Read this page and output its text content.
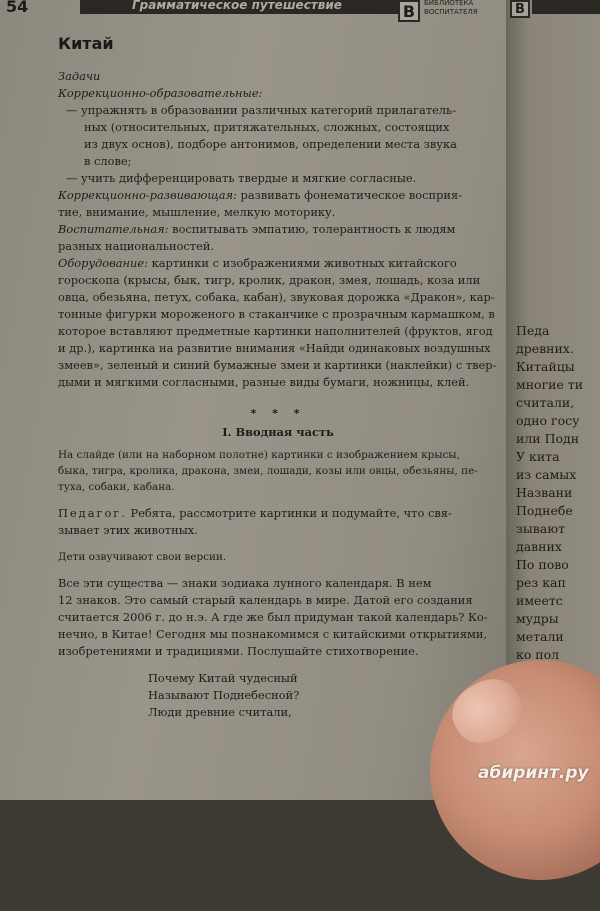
54	Грамматическое путешествие	В	БИБЛИОТЕКА
ВОСПИТАТЕЛЯ
Китай

Задачи

Коррекционно-образовательные:

— упражнять в образовании различных категорий прилагатель-
ных (относительных, притяжательных, сложных, состоящих
из двух основ), подборе антонимов, определении места звука
в слове;

— учить дифференцировать твердые и мягкие согласные.

Коррекционно-развивающая: развивать фонематическое восприя-
тие, внимание, мышление, мелкую моторику.

Воспитательная: воспитывать эмпатию, толерантность к людям
разных национальностей.

Оборудование: картинки с изображениями животных китайского
гороскопа (крысы, бык, тигр, кролик, дракон, змея, лошадь, коза или
овца, обезьяна, петух, собака, кабан), звуковая дорожка «Дракон», кар-
тонные фигурки мороженого в стаканчике с прозрачным кармашком, в
которое вставляют предметные картинки наполнителей (фруктов, ягод
и др.), картинка на развитие внимания «Найди одинаковых воздушных
змеев», зеленый и синий бумажные змеи и картинки (наклейки) с твер-
дыми и мягкими согласными, разные виды бумаги, ножницы, клей.

* * *
I. Вводная часть

На слайде (или на наборном полотне) картинки с изображением крысы,
быка, тигра, кролика, дракона, змеи, лошади, козы или овцы, обезьяны, пе-
туха, собаки, кабана.

Педагог. Ребята, рассмотрите картинки и подумайте, что свя-
зывает этих животных.

Дети озвучивают свои версии.

Все эти существа — знаки зодиака лунного календаря. В нем
12 знаков. Это самый старый календарь в мире. Датой его создания
считается 2006 г. до н.э. А где же был придуман такой календарь? Ко-
нечно, в Китае! Сегодня мы познакомимся с китайскими открытиями,
изобретениями и традициями. Послушайте стихотворение.

Почему Китай чудесный
Называют Поднебесной?
Люди древние считали,
В
Педа
древних.
Китайцы
многие ти
считали,
одно госу
или Подн
У кита
из самых
Названи
Поднебе
зывают
давних
По пово
рез кап
имеетс
мудры
метали
ко пол
абиринт.ру
